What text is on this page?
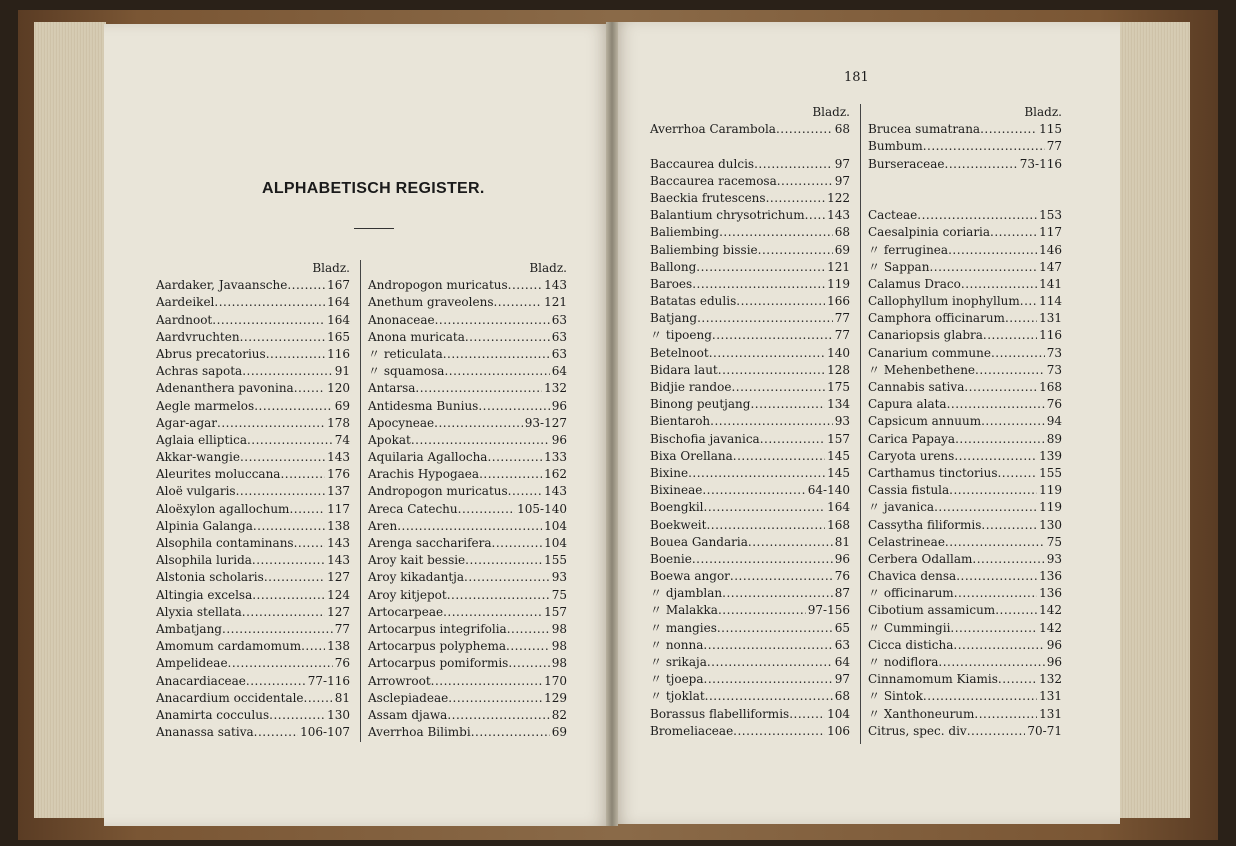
ALPHABETISCH REGISTER.
181
Bladz.
Aardaker, Javaansche .....	167
Aardeikel .....	164
Aardnoot .....	164
Aardvruchten .....	165
Abrus precatorius .....	116
Achras sapota .....	91
Adenanthera pavonina .....	120
Aegle marmelos .....	69
Agar-agar .....	178
Aglaia elliptica .....	74
Akkar-wangie .....	143
Aleurites moluccana .....	176
Aloë vulgaris .....	137
Aloëxylon agallochum .....	117
Alpinia Galanga .....	138
Alsophila contaminans .....	143
Alsophila lurida .....	143
Alstonia scholaris .....	127
Altingia excelsa .....	124
Alyxia stellata .....	127
Ambatjang .....	77
Amomum cardamomum ..... 138
Ampelideae .....	76
Anacardiaceae .....	77-116
Anacardium occidentale .....	81
Anamirta cocculus .....	130
Ananassa sativa .....	106-107
Bladz.
Andropogon muricatus .....	143
Anethum graveolens .....	121
Anonaceae .....	63
Anona muricata .....	63
〃 reticulata .....	63
〃 squamosa .....	64
Antarsa .....	132
Antidesma Bunius .....	96
Apocyneae .....	93-127
Apokat .....	96
Aquilaria Agallocha .....	133
Arachis Hypogaea .....	162
Andropogon muricatus .....	143
Areca Catechu .....	105-140
Aren .....	104
Arenga saccharifera .....	104
Aroy kait bessie .....	155
Aroy kikadantja .....	93
Aroy kitjepot .....	75
Artocarpeae .....	157
Artocarpus integrifolia .....	98
Artocarpus polyphema .....	98
Artocarpus pomiformis .....	98
Arrowroot .....	170
Asclepiadeae .....	129
Assam djawa .....	82
Averrhoa Bilimbi .....	69
Bladz.
Averrhoa Carambola .....	68
Baccaurea dulcis .....	97
Baccaurea racemosa .....	97
Baeckia frutescens .....	122
Balantium chrysotrichum ..... 143
Baliembing .....	68
Baliembing bissie .....	69
Ballong .....	121
Baroes .....	119
Batatas edulis .....	166
Batjang .....	77
〃 tipoeng .....	77
Betelnoot .....	140
Bidara laut .....	128
Bidjie randoe .....	175
Binong peutjang .....	134
Bientaroh .....	93
Bischofia javanica .....	157
Bixa Orellana .....	145
Bixine .....	145
Bixineae .....	64-140
Boengkil .....	164
Boekweit .....	168
Bouea Gandaria .....	81
Boenie .....	96
Boewa angor .....	76
〃 djamblan .....	87
〃 Malakka .....	97-156
〃 mangies .....	65
〃 nonna .....	63
〃 srikaja .....	64
〃 tjoepa .....	97
〃 tjoklat .....	68
Borassus flabelliformis .....	104
Bromeliaceae .....	106
Bladz.
Brucea sumatrana .....	115
Bumbum .....	77
Burseraceae .....	73-116
Cacteae .....	153
Caesalpinia coriaria .....	117
〃 ferruginea .....	146
〃 Sappan .....	147
Calamus Draco .....	141
Callophyllum inophyllum ..... 114
Camphora officinarum .....	131
Canariopsis glabra .....	116
Canarium commune .....	73
〃 Mehenbethene .....	73
Cannabis sativa .....	168
Capura alata .....	76
Capsicum annuum .....	94
Carica Papaya .....	89
Caryota urens .....	139
Carthamus tinctorius .....	155
Cassia fistula .....	119
〃 javanica .....	119
Cassytha filiformis .....	130
Celastrineae .....	75
Cerbera Odallam .....	93
Chavica densa .....	136
〃 officinarum .....	136
Cibotium assamicum .....	142
〃 Cummingii .....	142
Cicca disticha .....	96
〃 nodiflora .....	96
Cinnamomum Kiamis .....	132
〃 Sintok .....	131
〃 Xanthoneurum .....	131
Citrus, spec. div .....	70-71
